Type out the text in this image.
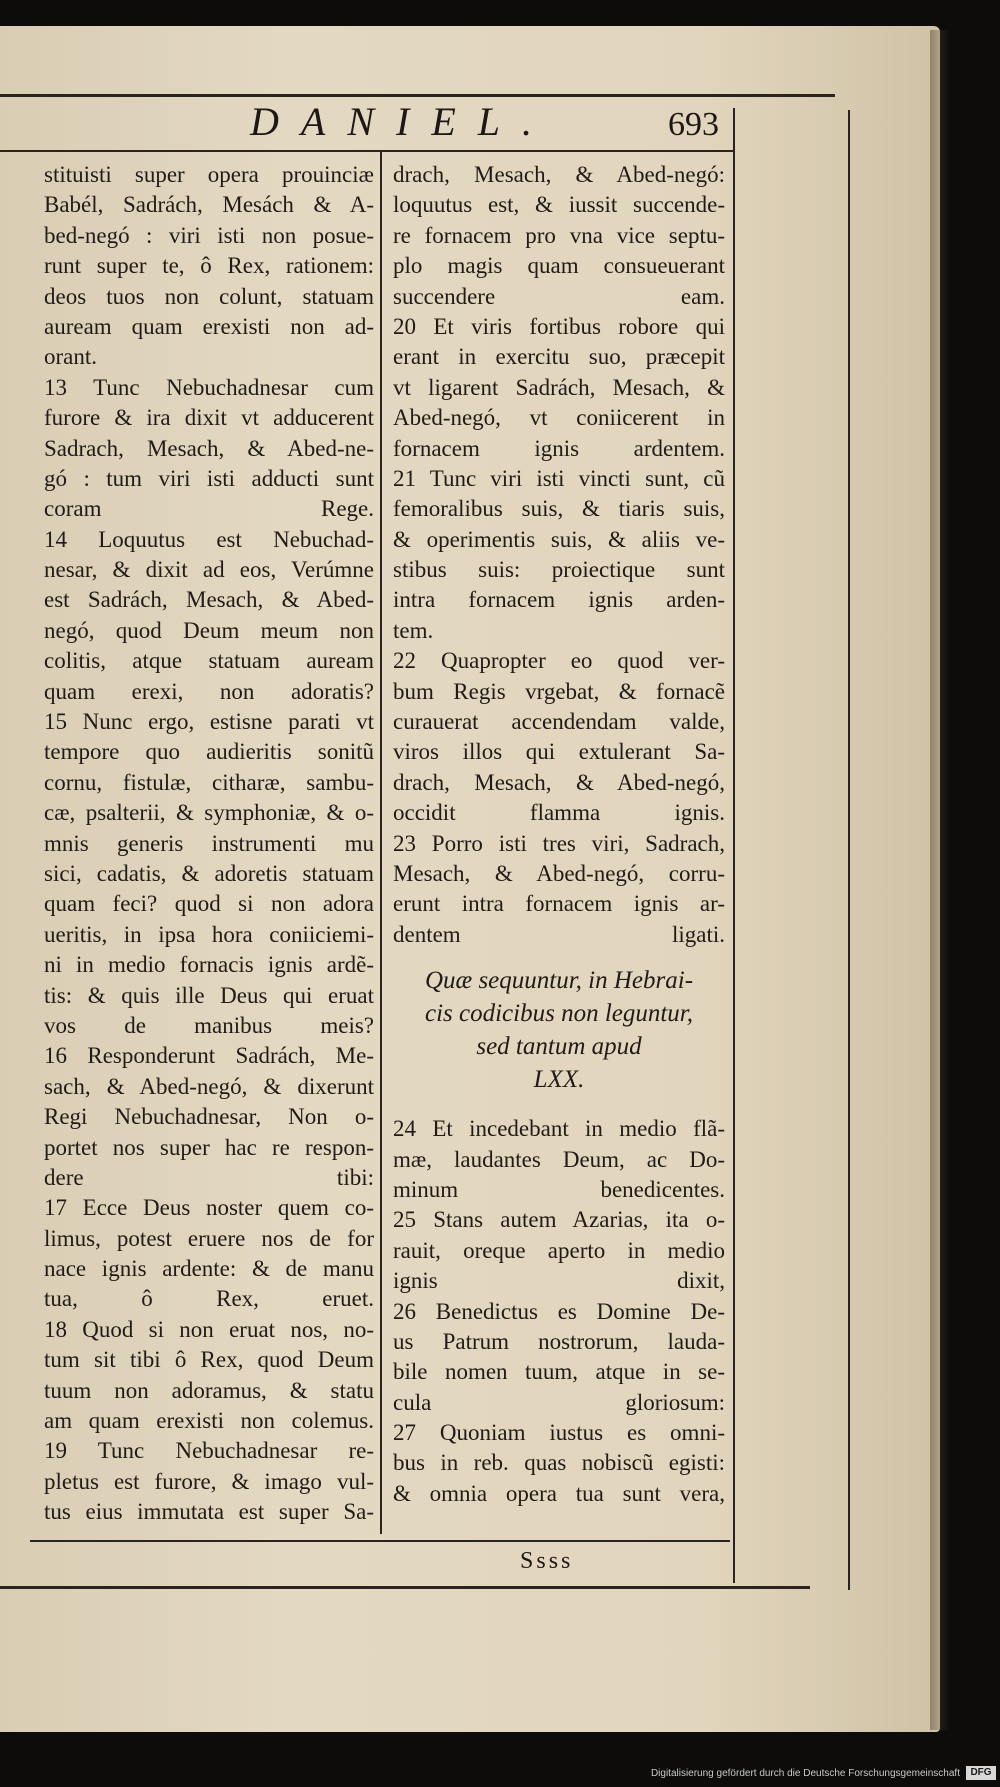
DANIEL.	693
stituisti super opera prouinciæ
Babél, Sadrách, Mesách & A-
bed-negó : viri isti non posue-
runt super te, ô Rex, rationem:
deos tuos non colunt, statuam
auream quam erexisti non ad-
orant.
13 Tunc Nebuchadnesar cum
furore & ira dixit vt adducerent
Sadrach, Mesach, & Abed-ne-
gó : tum viri isti adducti sunt
coram Rege.
14 Loquutus est Nebuchad-
nesar, & dixit ad eos, Verúmne
est Sadrách, Mesach, & Abed-
negó, quod Deum meum non
colitis, atque statuam auream
quam erexi, non adoratis?
15 Nunc ergo, estisne parati vt
tempore quo audieritis sonitũ
cornu, fistulæ, citharæ, sambu-
cæ, psalterii, & symphoniæ, & o-
mnis generis instrumenti mu
sici, cadatis, & adoretis statuam
quam feci? quod si non adora
ueritis, in ipsa hora coniiciemi-
ni in medio fornacis ignis ardẽ-
tis: & quis ille Deus qui eruat
vos de manibus meis?
16 Responderunt Sadrách, Me-
sach, & Abed-negó, & dixerunt
Regi Nebuchadnesar, Non o-
portet nos super hac re respon-
dere tibi:
17 Ecce Deus noster quem co-
limus, potest eruere nos de for
nace ignis ardente: & de manu
tua, ô Rex, eruet.
18 Quod si non eruat nos, no-
tum sit tibi ô Rex, quod Deum
tuum non adoramus, & statu
am quam erexisti non colemus.
19 Tunc Nebuchadnesar re-
pletus est furore, & imago vul-
tus eius immutata est super Sa-
drach, Mesach, & Abed-negó:
loquutus est, & iussit succende-
re fornacem pro vna vice septu-
plo magis quam consueuerant
succendere eam.
20 Et viris fortibus robore qui
erant in exercitu suo, præcepit
vt ligarent Sadrách, Mesach, &
Abed-negó, vt coniicerent in
fornacem ignis ardentem.
21 Tunc viri isti vincti sunt, cũ
femoralibus suis, & tiaris suis,
& operimentis suis, & aliis ve-
stibus suis: proiectique sunt
intra fornacem ignis arden-
tem.
22 Quapropter eo quod ver-
bum Regis vrgebat, & fornacẽ
curauerat accendendam valde,
viros illos qui extulerant Sa-
drach, Mesach, & Abed-negó,
occidit flamma ignis.
23 Porro isti tres viri, Sadrach,
Mesach, & Abed-negó, corru-
erunt intra fornacem ignis ar-
dentem ligati.
Quæ sequuntur, in Hebrai-
cis codicibus non leguntur,
sed tantum apud
LXX.
24 Et incedebant in medio flã-
mæ, laudantes Deum, ac Do-
minum benedicentes.
25 Stans autem Azarias, ita o-
rauit, oreque aperto in medio
ignis dixit,
26 Benedictus es Domine De-
us Patrum nostrorum, lauda-
bile nomen tuum, atque in se-
cula gloriosum:
27 Quoniam iustus es omni-
bus in reb. quas nobiscũ egisti:
& omnia opera tua sunt vera,
Ssss
Digitalisierung gefördert durch die Deutsche Forschungsgemeinschaft	DFG
